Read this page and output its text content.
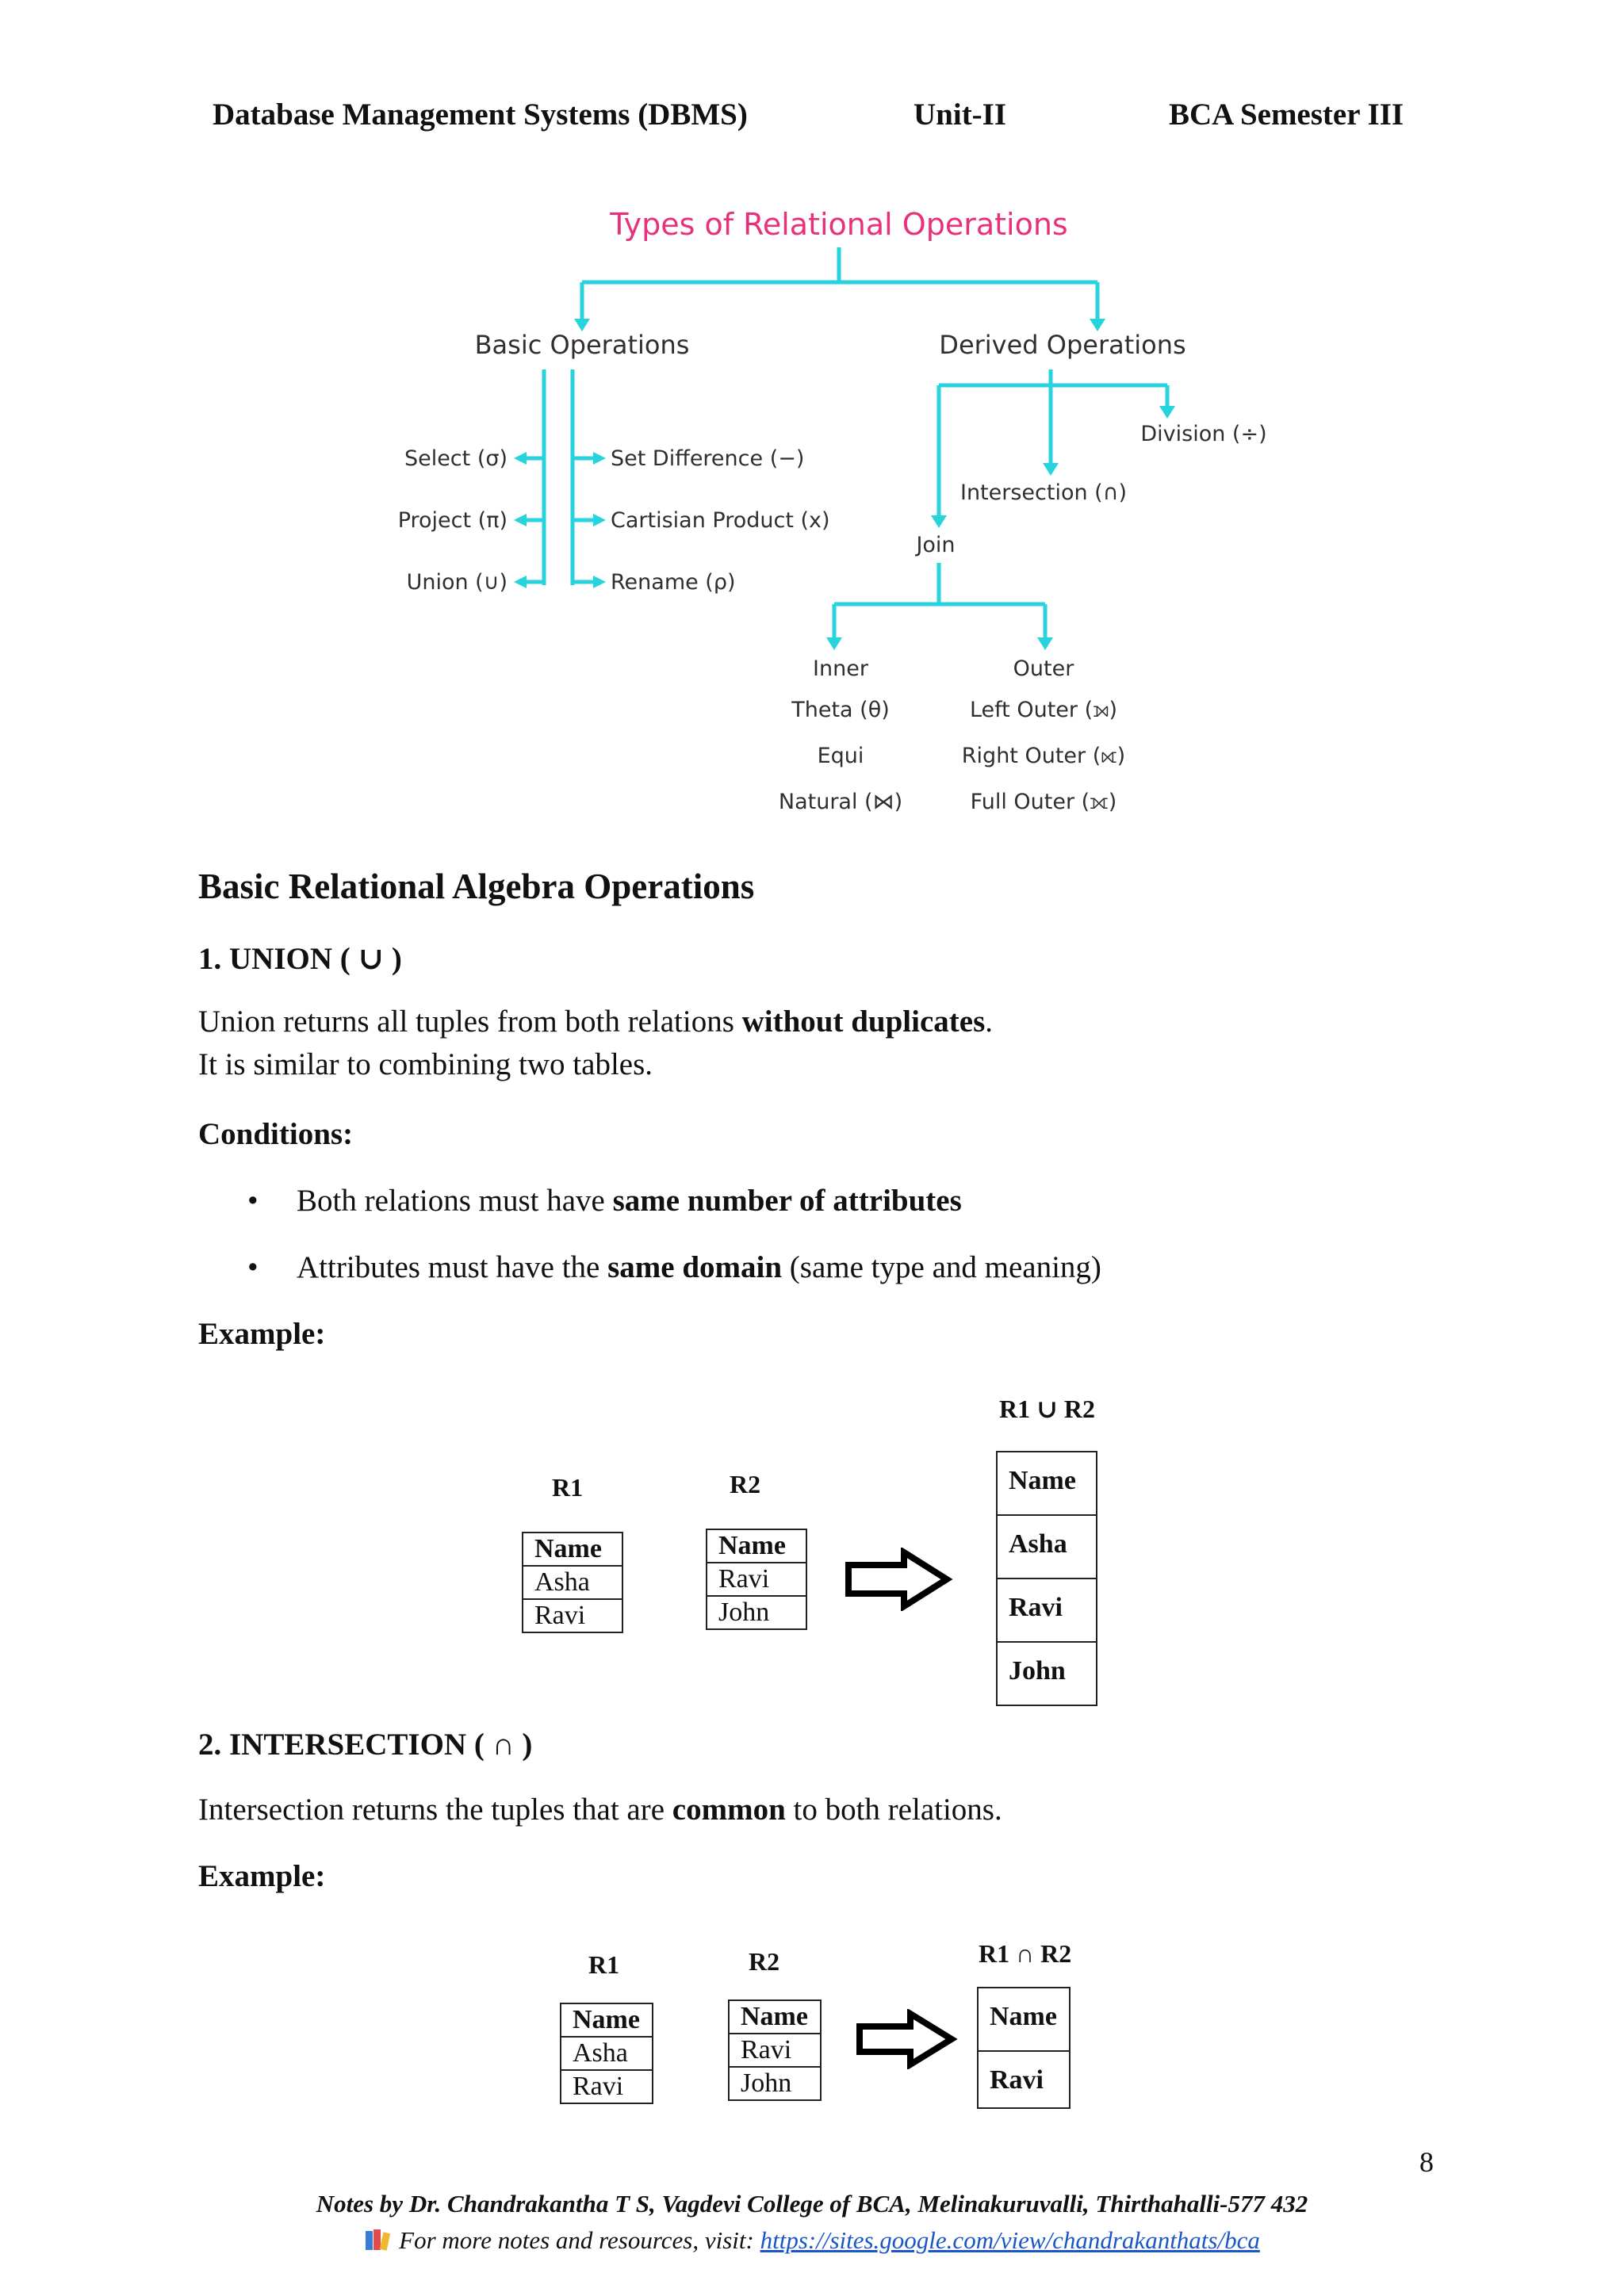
Database Management Systems (DBMS)	Unit-II	BCA Semester III
Types of Relational Operations
Basic Operations	Derived Operations
Select (σ)
Project (π)
Union (∪)
Set Difference (−)
Cartisian Product (x)
Rename (ρ)
Division (÷)
Intersection (∩)
Join
Inner
Theta (θ)
Equi
Natural (⋈)
Outer
Left Outer (⟕)
Right Outer (⟖)
Full Outer (⟗)
Basic Relational Algebra Operations
1. UNION ( ∪ )
Union returns all tuples from both relations without duplicates.
It is similar to combining two tables.
Conditions:
• Both relations must have same number of attributes
• Attributes must have the same domain (same type and meaning)
Example:
R1
Name
Asha
Ravi
R2
Name
Ravi
John
R1 ∪ R2
Name
Asha
Ravi
John
2. INTERSECTION ( ∩ )
Intersection returns the tuples that are common to both relations.
Example:
R1
Name
Asha
Ravi
R2
Name
Ravi
John
R1 ∩ R2
Name
Ravi
8
Notes by Dr. Chandrakantha T S, Vagdevi College of BCA, Melinakuruvalli, Thirthahalli-577 432
For more notes and resources, visit: https://sites.google.com/view/chandrakanthats/bca
